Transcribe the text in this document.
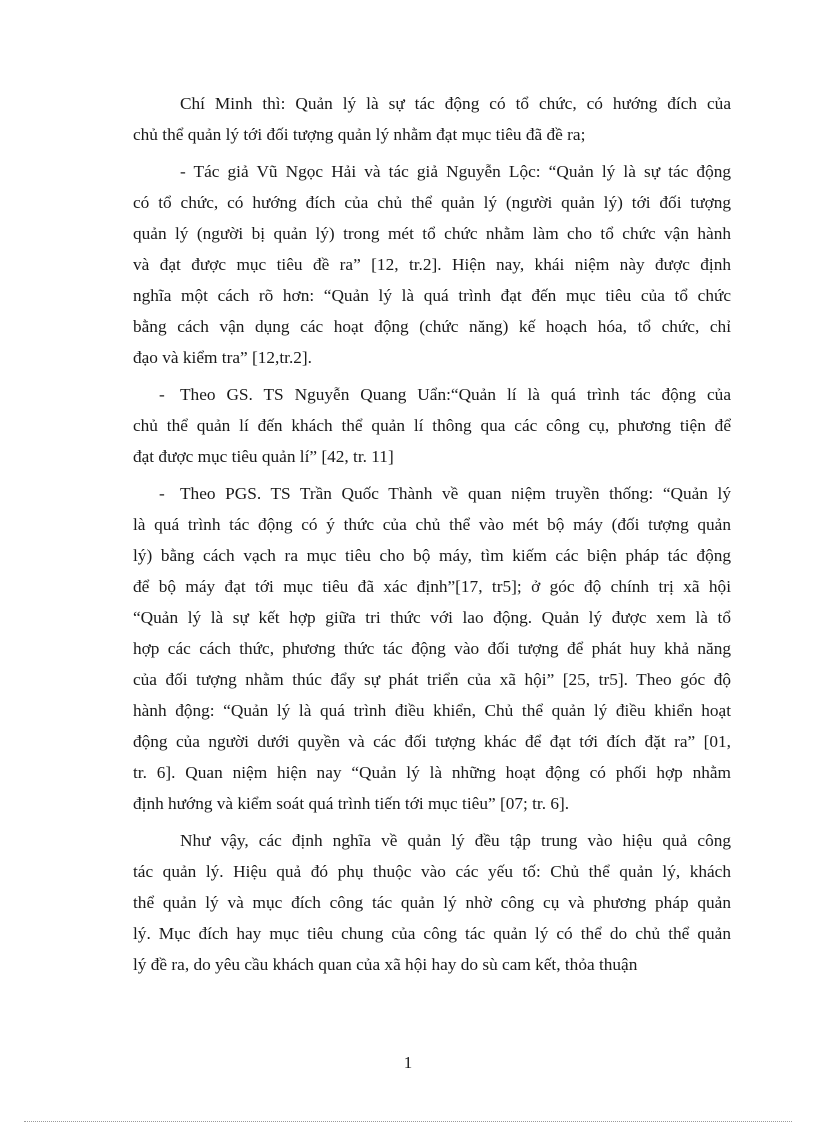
Chí Minh thì: Quản lý là sự tác động có tổ chức, có hướng đích của
chủ thể quản lý tới đối tượng quản lý nhằm đạt mục tiêu đã đề ra;
- Tác giả Vũ Ngọc Hải và tác giả Nguyễn Lộc: “Quản lý là sự tác động
có tổ chức, có hướng đích của chủ thể quản lý (người quản lý) tới đối tượng
quản lý (người bị quản lý) trong mét tổ chức nhằm làm cho tổ chức vận hành
và đạt được mục tiêu đề ra” [12, tr.2]. Hiện nay, khái niệm này được định
nghĩa một cách rõ hơn: “Quản lý là quá trình đạt đến mục tiêu của tổ chức
bằng cách vận dụng các hoạt động (chức năng) kế hoạch hóa, tổ chức, chỉ
đạo và kiểm tra” [12,tr.2].
- Theo GS. TS Nguyễn Quang Uẩn:“Quản lí là quá trình tác động của
chủ thể quản lí đến khách thể quản lí thông qua các công cụ, phương tiện để
đạt được mục tiêu quản lí” [42, tr. 11]
- Theo PGS. TS Trần Quốc Thành về quan niệm truyền thống: “Quản lý
là quá trình tác động có ý thức của chủ thể vào mét bộ máy (đối tượng quản
lý) bằng cách vạch ra mục tiêu cho bộ máy, tìm kiếm các biện pháp tác động
để bộ máy đạt tới mục tiêu đã xác định”[17, tr5]; ở góc độ chính trị xã hội
“Quản lý là sự kết hợp giữa tri thức với lao động. Quản lý được xem là tổ
hợp các cách thức, phương thức tác động vào đối tượng để phát huy khả năng
của đối tượng nhằm thúc đẩy sự phát triển của xã hội” [25, tr5]. Theo góc độ
hành động: “Quản lý là quá trình điều khiển, Chủ thể quản lý điều khiển hoạt
động của người dưới quyền và các đối tượng khác để đạt tới đích đặt ra” [01,
tr. 6]. Quan niệm hiện nay “Quản lý là những hoạt động có phối hợp nhằm
định hướng và kiểm soát quá trình tiến tới mục tiêu” [07; tr. 6].
Như vậy, các định nghĩa về quản lý đều tập trung vào hiệu quả công
tác quản lý. Hiệu quả đó phụ thuộc vào các yếu tố: Chủ thể quản lý, khách
thể quản lý và mục đích công tác quản lý nhờ công cụ và phương pháp quản
lý. Mục đích hay mục tiêu chung của công tác quản lý có thể do chủ thể quản
lý đề ra, do yêu cầu khách quan của xã hội hay do sù cam kết, thỏa thuận
1
